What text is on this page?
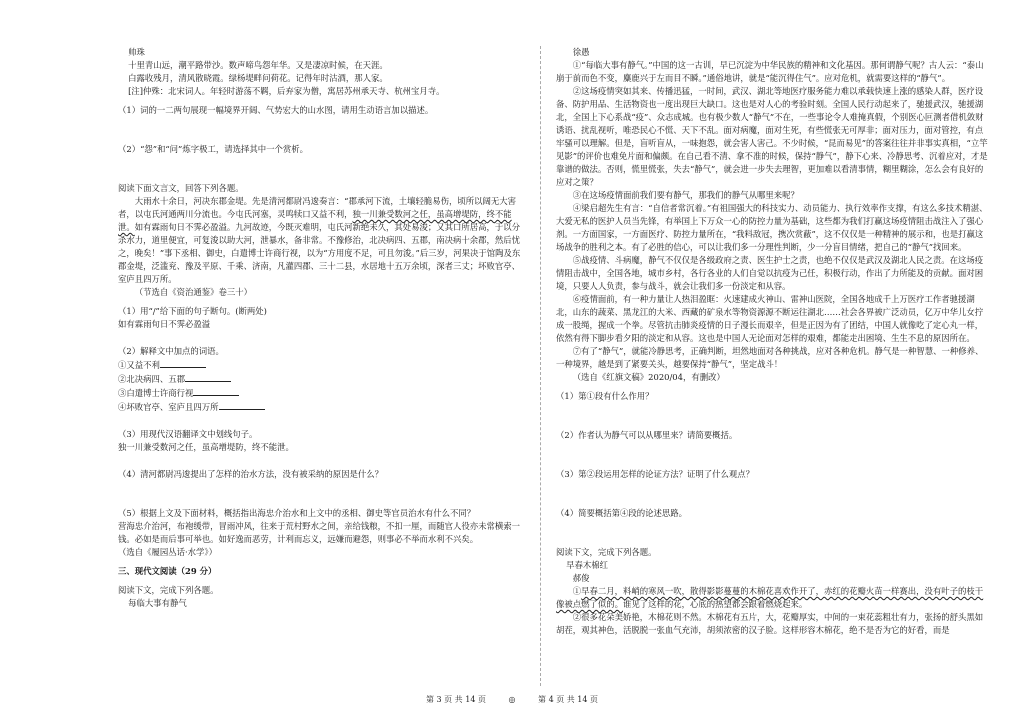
帅珠

十里青山远，潮平路带沙。数声啼鸟怨年华。又是凄凉时候，在天涯。

白露收残月，清风散晓霞。绿杨堤畔问荷花。记得年时沽酒，那人家。

[注]仲殊：北宋词人。年轻时游荡不羁，后弃家为僧，寓居苏州承天寺、杭州宝月寺。

（1）词的一二两句展现一幅境界开阔、气势宏大的山水图，请用生动语言加以描述。

（2）“怨”和“问”炼字极工，请选择其中一个赏析。

阅读下面文言文，回答下列各题。

大雨水十余日，河决东郡金堤。先是清河都尉冯逡奏言：“郡承河下流，土壤轻脆易伤，顷所以阔无大害者，以屯氏河通两川分流也。今屯氏河塞，灵鸣犊口又益不利，独一川兼受数河之任，虽高增堤防，终不能泄。如有霖雨旬日不霁必盈溢。九河故迹，今既灭难明，屯氏河新绝未久，其处易浚；又其口所居高，于以分杀水力，道里便宜，可复浚以助大河，泄暴水，备非常。不豫修治，北决病四、五郡，南决病十余郡，然后忧之，晚矣！”事下丞相、御史，白遣博士许商行视，以为“方用度不足，可且勿浚。”后三岁，河果决于馆陶及东郡金堤，泛滥兖、豫及平原、千乘、济南，凡灌四郡、三十二县，水居地十五万余顷，深者三丈；坏败官亭、室庐且四万所。

（节选自《资治通鉴》卷三十）

（1）用“/”给下面的句子断句。(断两处)

如有霖雨旬日不霁必盈溢

（2）解释文中加点的词语。

①又益不利

②北决病四、五郡

③白遣博士许商行视

④坏败官亭、室庐且四万所

（3）用现代汉语翻译文中划线句子。

独一川兼受数河之任，虽高增堤防，终不能泄。

（4）清河都尉冯逡提出了怎样的治水方法，没有被采纳的原因是什么？

（5）根据上文及下面材料，概括指出海忠介治水和上文中的丞相、御史等官员治水有什么不同？

营海忠介治河，布袍缓带，冒雨冲风，往来于荒村野水之间，亲给钱粮，不扣一厘，而随官人役亦未常横索一钱。必如是而后事可举也。如好逸而恶劳，计利而忘义，远嫌而避怨，则事必不举而水利不兴矣。

（选自《履园丛话·水学》）

三、现代文阅读（29 分）

阅读下文，完成下列各题。

每临大事有静气

徐愚

①“每临大事有静气。”中国的这一古训，早已沉淀为中华民族的精神和文化基因。那何谓静气呢？古人云：“泰山崩于前而色不变，麋鹿兴于左而目不瞬。”通俗地讲，就是“能沉得住气”。应对危机，就需要这样的“静气”。

②这场疫情突如其来、传播迅猛，一时间，武汉、湖北等地医疗服务能力难以承载快速上涨的感染人群，医疗设备、防护用品、生活物资也一度出现巨大缺口。这也是对人心的考验时刻。全国人民行动起来了，驰援武汉，驰援湖北，全国上下心系战“疫”、众志成城。也有极少数人“静气”不在，一些事论令人难掩真假，个别医心叵测者借机敛财诱语、扰乱视听，唯恐民心不慌、天下不乱。面对病魔，面对生死，有些慌张无可厚非；面对压力，面对管控，有点牢骚可以理解。但是，盲听盲从，一味抱怨，就会害人害己。不少时候，“昆而易见”的答案往往并非事实真相，“立竿见影”的评价也难免片面和偏颇。在自己看不清、拿不准的时候，保持“静气”，静下心来、冷静思考、沉着应对，才是靠谱的做法。否则，慌里慌张，失去“静气”，就会进一步失去理智，更加难以看清事情，糊里糊涂，怎么会有良好的应对之策？

③在这场疫情面前我们要有静气，那我们的静气从哪里来呢？

④梁启超先生有言：“自信者常沉着。”有祖国强大的科技实力、动员能力、执行效率作支撑，有这么多技术精湛、大爱无私的医护人员当先锋，有举国上下万众一心的防控力量为基础，这些都为我们打赢这场疫情阻击战注入了强心剂。一方面国家，一方面医疗、防控力量所在，“我料敌冠，携次赏蔽”，这不仅仅是一种精神的展示和，也是打赢这场战争的胜利之本。有了必胜的信心，可以让我们多一分理性判断，少一分盲目情绪，把自己的“静气”找回来。

⑤战疫情、斗病魔，静气不仅仅是各级政府之责、医生护士之责，也绝不仅仅是武汉及湖北人民之责。在这场疫情阻击战中，全国各地，城市乡村，各行各业的人们自觉以抗疫为己任，积极行动，作出了力所能及的贡献。面对困境，只要人人负责，参与战斗，就会让我们多一份淡定和从容。

⑥疫情面前，有一种力量让人热泪盈眶：火速建成火神山、雷神山医院，全国各地成千上万医疗工作者驰援湖北，山东的蔬菜、黑龙江的大米、西藏的矿泉水等物资源源不断运往湖北……社会各界被广泛动员，亿万中华儿女拧成一股绳，握成一个拳。尽管抗击肺炎疫情的日子漫长而艰辛，但是正因为有了团结，中国人就像吃了定心丸一样，依然有得下脚步看夕阳的淡定和从容。这也是中国人无论面对怎样的艰难，都能走出困境、生生不息的原因所在。

⑦有了“静气”，就能冷静思考，正确判断，坦然地面对各种挑战，应对各种危机。静气是一种智慧、一种修养、一种境界，越是到了紧要关头，越要保持“静气”，坚定战斗！

（选自《红旗文稿》2020/04，有删改）

（1）第①段有什么作用？

（2）作者认为静气可以从哪里来？请简要概括。

（3）第②段运用怎样的论证方法？证明了什么观点？

（4）简要概括第④段的论述思路。

阅读下文，完成下列各题。

早春木棉红

郝俊

①早春二月，料峭的寒风一吹，散得影影蔓蔓的木棉花喜欢作开了，赤红的花瓣火苗一样赛出，没有叶子的枝干像被点燃了似的。谁见了这样的花，心底的热望都会跟着燃烧起来。

②很多花朵美娇艳，木棉花则不然。木棉花有五片，大，花瓣厚实，中间的一束花蕊粗壮有力，张扬的舒头黑如胡茬，观其神色，活脱脱一张血气充沛，胡须浓密的汉子脸。这样形容木棉花，绝不是否为它的好看，而是

第 3 页 共 14 页	◎	第 4 页 共 14 页
